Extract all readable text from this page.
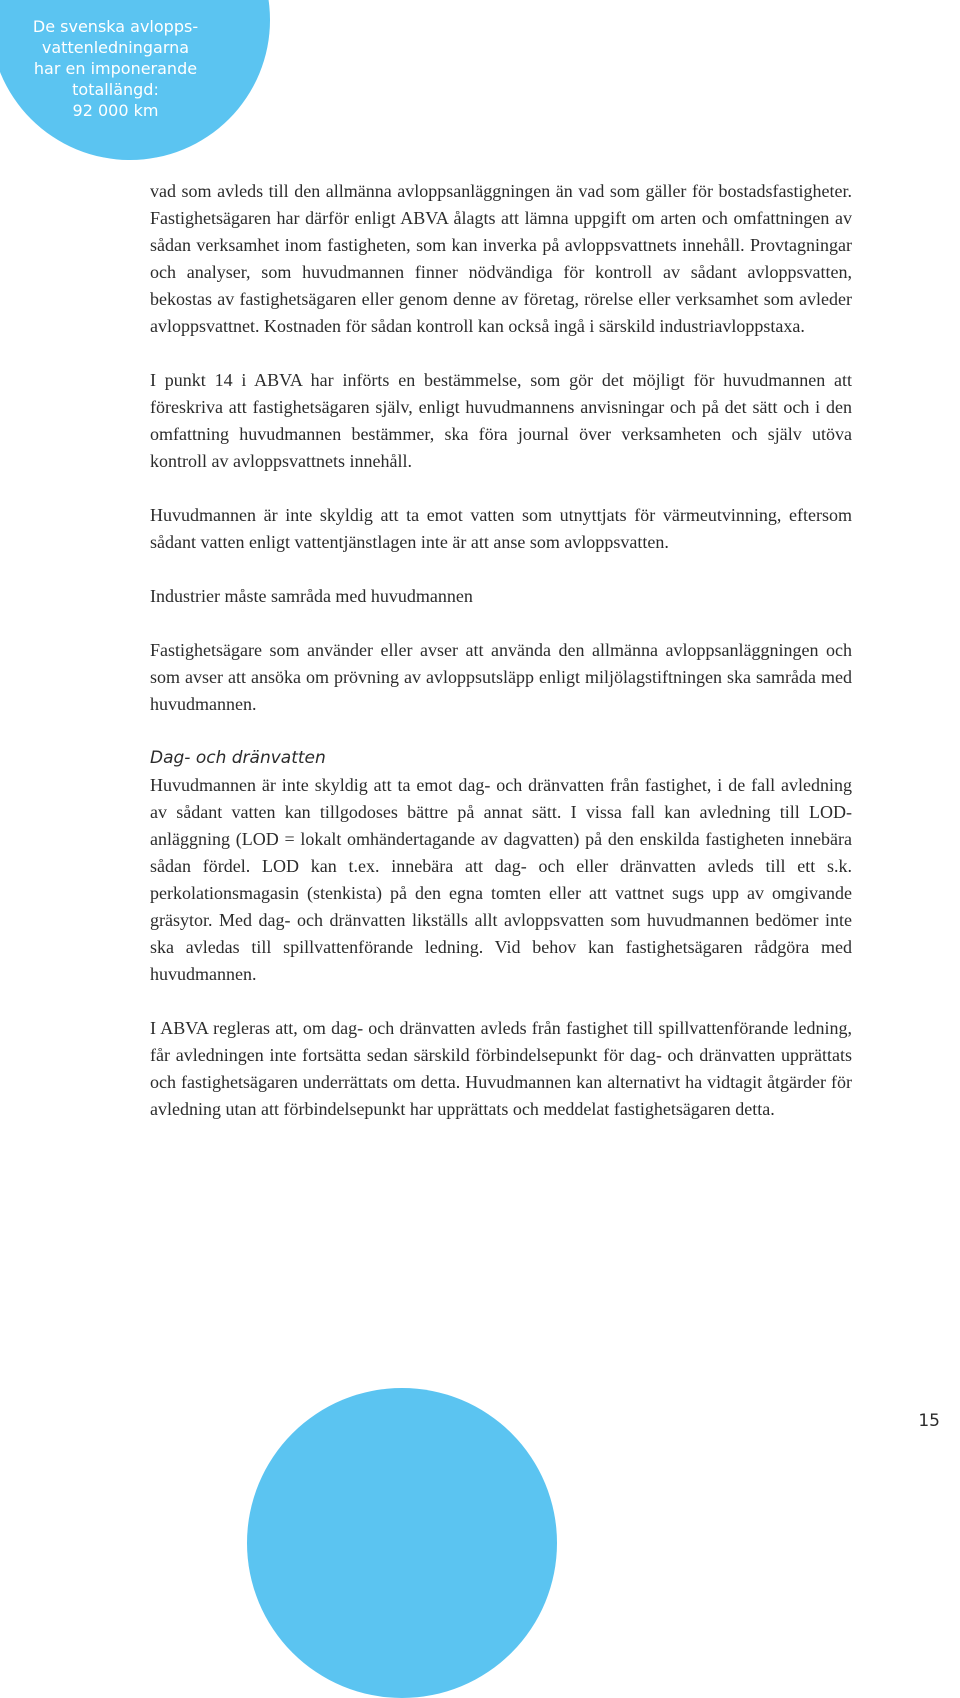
De svenska avlopps-
vattenledningarna
har en imponerande
totallängd:
92 000 km

vad som avleds till den allmänna avloppsanläggningen än vad som gäller för bostadsfastigheter. Fastighetsägaren har därför enligt ABVA ålagts att lämna uppgift om arten och omfattningen av sådan verksamhet inom fastigheten, som kan inverka på avloppsvattnets innehåll. Provtagningar och analyser, som huvudmannen finner nödvändiga för kontroll av sådant avloppsvatten, bekostas av fastighetsägaren eller genom denne av företag, rörelse eller verksamhet som avleder avloppsvattnet. Kostnaden för sådan kontroll kan också ingå i särskild industriavloppstaxa.

I punkt 14 i ABVA har införts en bestämmelse, som gör det möjligt för huvudmannen att föreskriva att fastighetsägaren själv, enligt huvudmannens anvisningar och på det sätt och i den omfattning huvudmannen bestämmer, ska föra journal över verksamheten och själv utöva kontroll av avloppsvattnets innehåll.

Huvudmannen är inte skyldig att ta emot vatten som utnyttjats för värmeutvinning, eftersom sådant vatten enligt vattentjänstlagen inte är att anse som avloppsvatten.

Industrier måste samråda med huvudmannen

Fastighetsägare som använder eller avser att använda den allmänna avloppsanläggningen och som avser att ansöka om prövning av avloppsutsläpp enligt miljölagstiftningen ska samråda med huvudmannen.

Dag- och dränvatten

Huvudmannen är inte skyldig att ta emot dag- och dränvatten från fastighet, i de fall avledning av sådant vatten kan tillgodoses bättre på annat sätt. I vissa fall kan avledning till LOD-anläggning (LOD = lokalt omhändertagande av dagvatten) på den enskilda fastigheten innebära sådan fördel. LOD kan t.ex. innebära att dag- och eller dränvatten avleds till ett s.k. perkolationsmagasin (stenkista) på den egna tomten eller att vattnet sugs upp av omgivande gräsytor. Med dag- och dränvatten likställs allt avloppsvatten som huvudmannen bedömer inte ska avledas till spillvattenförande ledning. Vid behov kan fastighetsägaren rådgöra med huvudmannen.

I ABVA regleras att, om dag- och dränvatten avleds från fastighet till spillvattenförande ledning, får avledningen inte fortsätta sedan särskild förbindelsepunkt för dag- och dränvatten upprättats och fastighetsägaren underrättats om detta. Huvudmannen kan alternativt ha vidtagit åtgärder för avledning utan att förbindelsepunkt har upprättats och meddelat fastighetsägaren detta.

15
